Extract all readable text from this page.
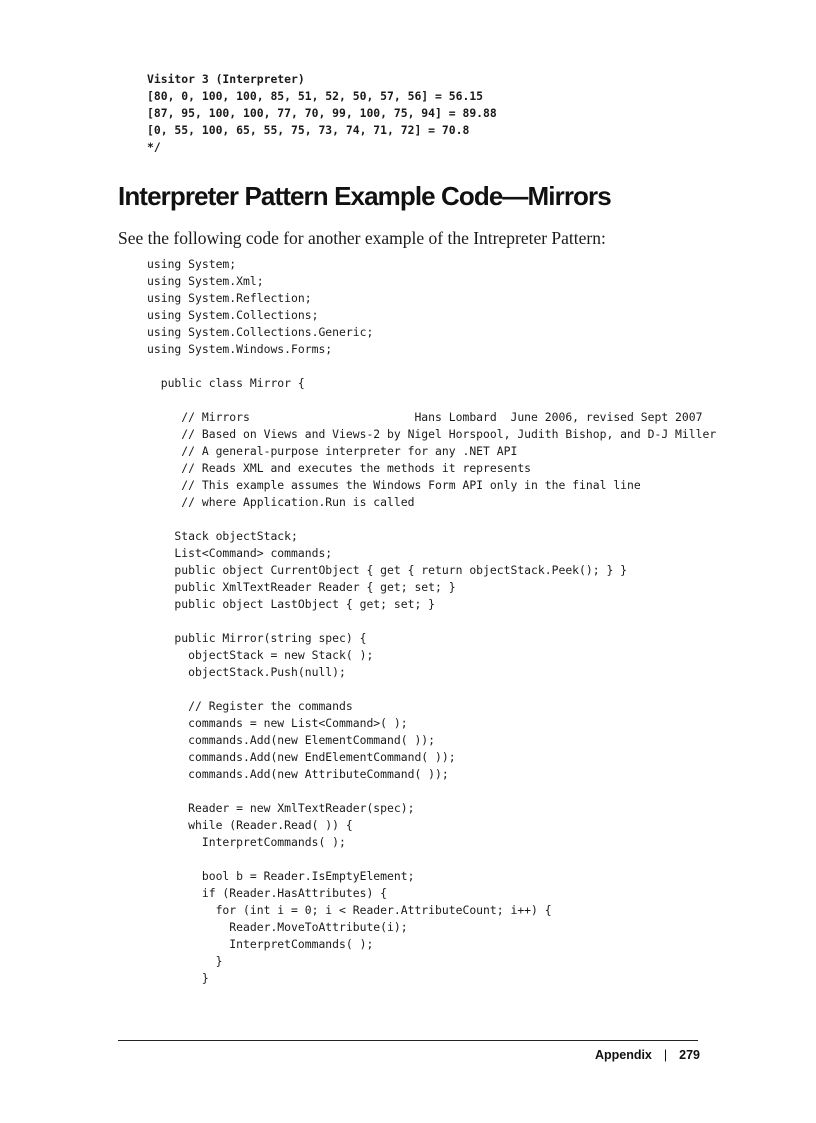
Visitor 3 (Interpreter)
[80, 0, 100, 100, 85, 51, 52, 50, 57, 56] = 56.15
[87, 95, 100, 100, 77, 70, 99, 100, 75, 94] = 89.88
[0, 55, 100, 65, 55, 75, 73, 74, 71, 72] = 70.8
*/
Interpreter Pattern Example Code—Mirrors

See the following code for another example of the Intrepreter Pattern:

using System;
using System.Xml;
using System.Reflection;
using System.Collections;
using System.Collections.Generic;
using System.Windows.Forms;
public class Mirror {
// Mirrors                        Hans Lombard  June 2006, revised Sept 2007
// Based on Views and Views-2 by Nigel Horspool, Judith Bishop, and D-J Miller
// A general-purpose interpreter for any .NET API
// Reads XML and executes the methods it represents
// This example assumes the Windows Form API only in the final line
// where Application.Run is called
Stack objectStack;
List<Command> commands;
public object CurrentObject { get { return objectStack.Peek(); } }
public XmlTextReader Reader { get; set; }
public object LastObject { get; set; }
public Mirror(string spec) {
objectStack = new Stack( );
objectStack.Push(null);
// Register the commands
commands = new List<Command>( );
commands.Add(new ElementCommand( ));
commands.Add(new EndElementCommand( ));
commands.Add(new AttributeCommand( ));
Reader = new XmlTextReader(spec);
while (Reader.Read( )) {
InterpretCommands( );
bool b = Reader.IsEmptyElement;
if (Reader.HasAttributes) {
for (int i = 0; i < Reader.AttributeCount; i++) {
Reader.MoveToAttribute(i);
InterpretCommands( );
}
}
Appendix | 279
